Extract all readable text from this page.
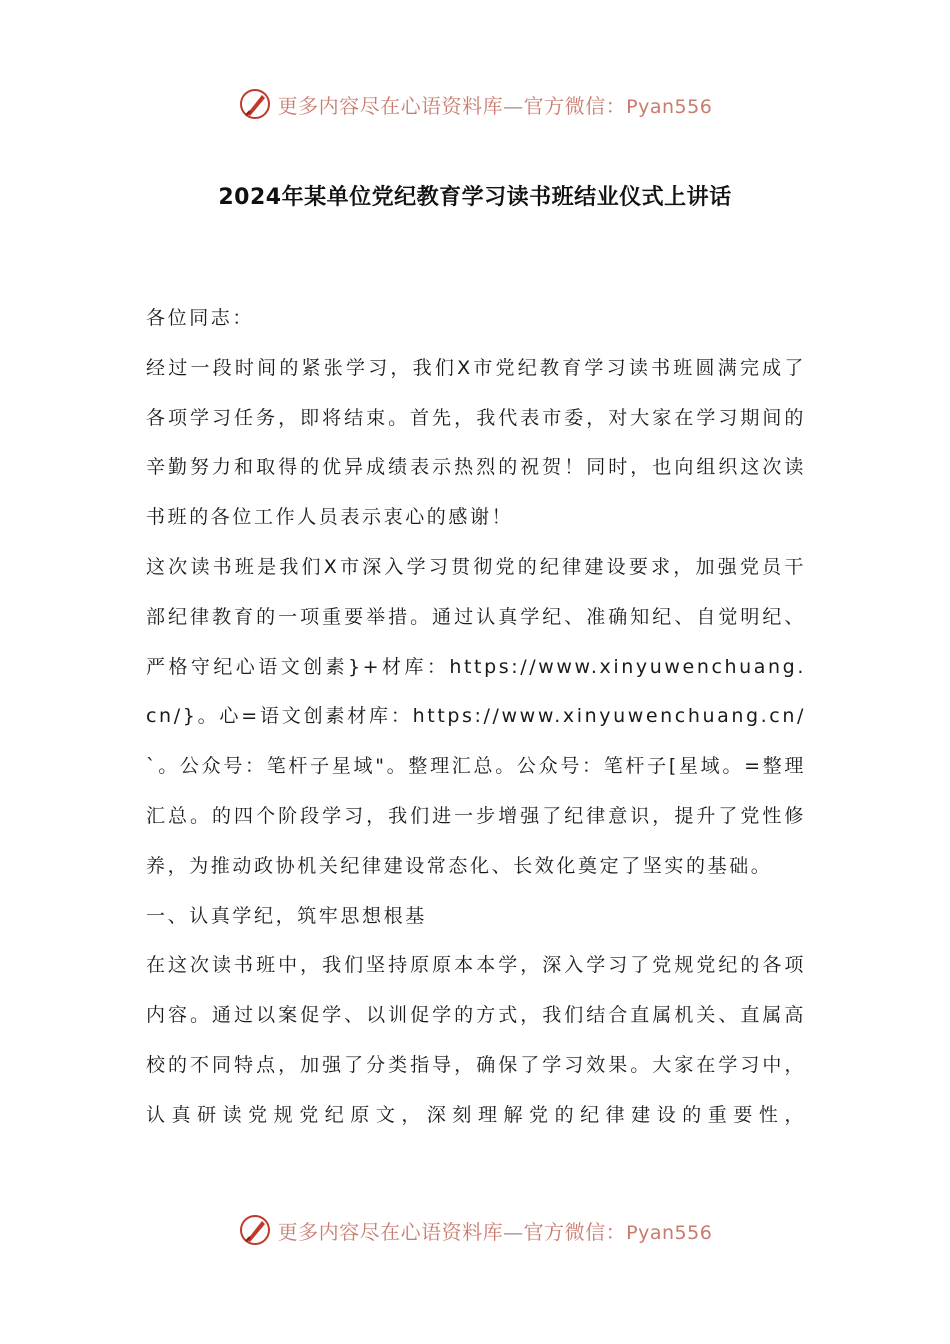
更多内容尽在心语资料库—官方微信：Pyan556
2024年某单位党纪教育学习读书班结业仪式上讲话

各位同志：

经过一段时间的紧张学习，我们X市党纪教育学习读书班圆满完成了各项学习任务，即将结束。首先，我代表市委，对大家在学习期间的辛勤努力和取得的优异成绩表示热烈的祝贺！同时，也向组织这次读书班的各位工作人员表示衷心的感谢！

这次读书班是我们X市深入学习贯彻党的纪律建设要求，加强党员干部纪律教育的一项重要举措。通过认真学纪、准确知纪、自觉明纪、严格守纪心语文创素}+材库：https://www.xinyuwenchuang.cn/}。心=语文创素材库：https://www.xinyuwenchuang.cn/`。公众号：笔杆子星域"。整理汇总。公众号：笔杆子[星域。=整理汇总。的四个阶段学习，我们进一步增强了纪律意识，提升了党性修养，为推动政协机关纪律建设常态化、长效化奠定了坚实的基础。

一、认真学纪，筑牢思想根基

在这次读书班中，我们坚持原原本本学，深入学习了党规党纪的各项内容。通过以案促学、以训促学的方式，我们结合直属机关、直属高校的不同特点，加强了分类指导，确保了学习效果。大家在学习中，认真研读党规党纪原文，深刻理解党的纪律建设的重要性，

更多内容尽在心语资料库—官方微信：Pyan556
